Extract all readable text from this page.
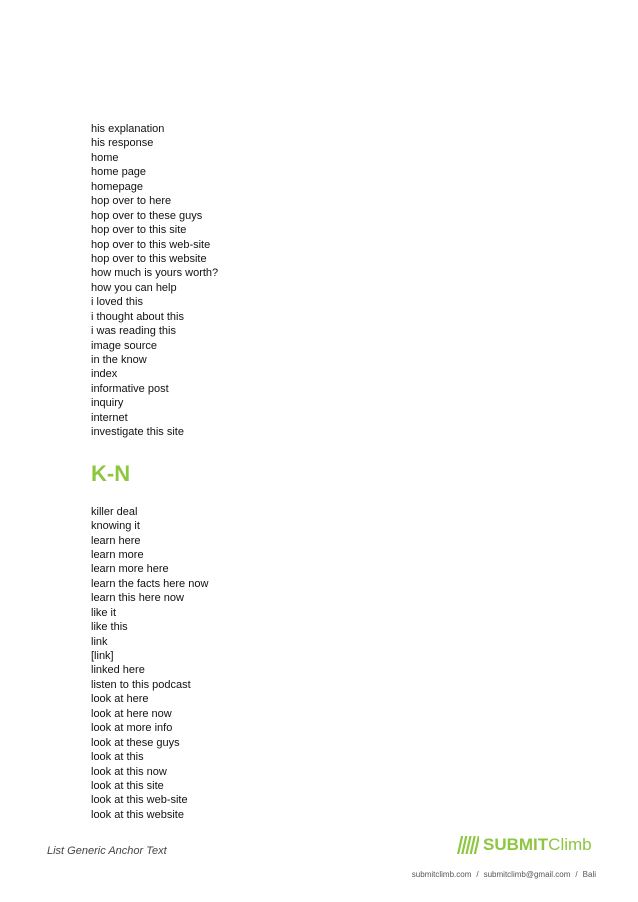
his explanation
his response
home
home page
homepage
hop over to here
hop over to these guys
hop over to this site
hop over to this web-site
hop over to this website
how much is yours worth?
how you can help
i loved this
i thought about this
i was reading this
image source
in the know
index
informative post
inquiry
internet
investigate this site
K-N
killer deal
knowing it
learn here
learn more
learn more here
learn the facts here now
learn this here now
like it
like this
link
[link]
linked here
listen to this podcast
look at here
look at here now
look at more info
look at these guys
look at this
look at this now
look at this site
look at this web-site
look at this website
List Generic Anchor Text	SUBMITClimb
submitclimb.com / submitclimb@gmail.com / Bali
